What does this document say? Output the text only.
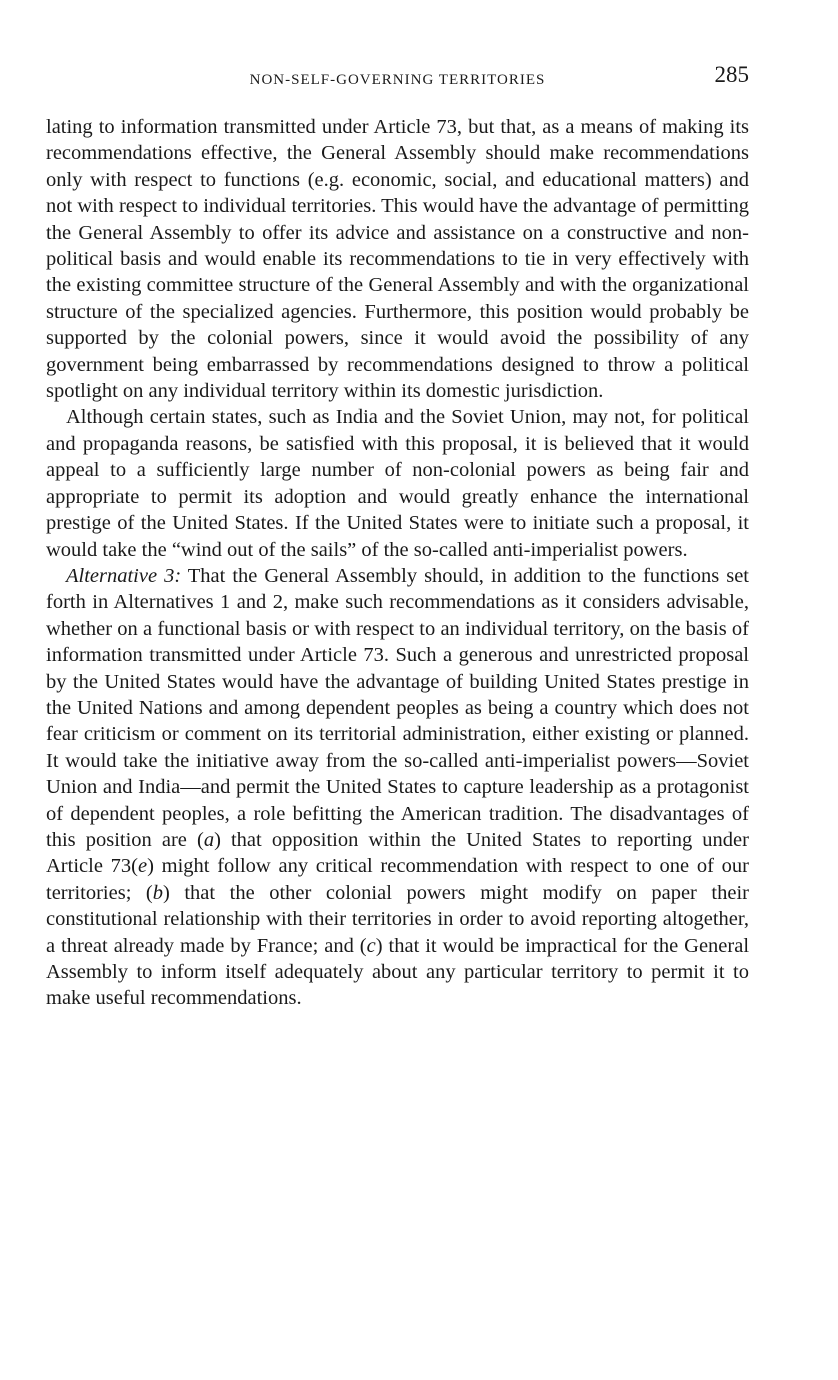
NON-SELF-GOVERNING TERRITORIES	285

lating to information transmitted under Article 73, but that, as a means of making its recommendations effective, the General Assembly should make recommendations only with respect to functions (e.g. economic, social, and educational matters) and not with respect to individual territories. This would have the advantage of permitting the General Assembly to offer its advice and assistance on a constructive and non-political basis and would enable its recommendations to tie in very effectively with the existing committee structure of the General Assembly and with the organizational structure of the specialized agencies. Furthermore, this position would probably be supported by the colonial powers, since it would avoid the possibility of any government being embarrassed by recommendations designed to throw a political spotlight on any individual territory within its domestic jurisdiction.

Although certain states, such as India and the Soviet Union, may not, for political and propaganda reasons, be satisfied with this proposal, it is believed that it would appeal to a sufficiently large number of non-colonial powers as being fair and appropriate to permit its adoption and would greatly enhance the international prestige of the United States. If the United States were to initiate such a proposal, it would take the “wind out of the sails” of the so-called anti-imperialist powers.

Alternative 3: That the General Assembly should, in addition to the functions set forth in Alternatives 1 and 2, make such recommendations as it considers advisable, whether on a functional basis or with respect to an individual territory, on the basis of information transmitted under Article 73. Such a generous and unrestricted proposal by the United States would have the advantage of building United States prestige in the United Nations and among dependent peoples as being a country which does not fear criticism or comment on its territorial administration, either existing or planned. It would take the initiative away from the so-called anti-imperialist powers—Soviet Union and India—and permit the United States to capture leadership as a protagonist of dependent peoples, a role befitting the American tradition. The disadvantages of this position are (a) that opposition within the United States to reporting under Article 73(e) might follow any critical recommendation with respect to one of our territories; (b) that the other colonial powers might modify on paper their constitutional relationship with their territories in order to avoid reporting altogether, a threat already made by France; and (c) that it would be impractical for the General Assembly to inform itself adequately about any particular territory to permit it to make useful recommendations.
